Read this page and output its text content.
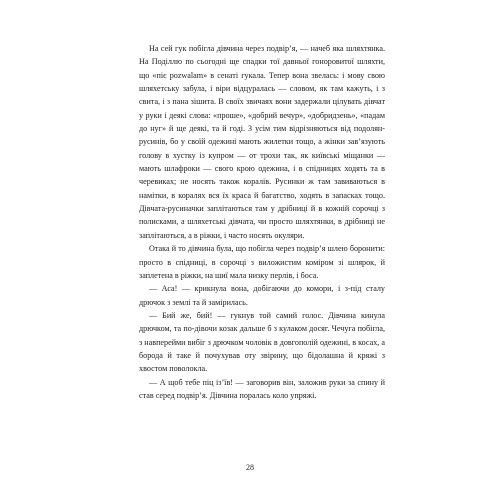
На сей гук побігла дівчина через подвір’я, — начеб яка шляхтянка. На Поділлю по сьогодні ще спадки тої давньої гоноровитої шляхти, що «піє pozwalam» в сенаті гукала. Тепер вона звелась: і мову свою шляхетську забула, і віри відцуралась — словом, як там кажуть, і з свита, і з пана зішита. В своїх звичаях вони задержали цілувать дівчат у руки і деякі слова: «проше», «добрий вечур», «добридзень», «падам до нуг» й ще деякі, та й годі. З усім тим відрізняються від подолян-русинів, бо у своїй одежині мають жилетки тощо, а жінки зав’язують голову в хустку із купром — от трохи так, як київські міщанки — мають шлафроки — свого крою одежина, і в спідницях ходять та в черевиках; не носять також коралів. Русинки ж там завиваються в намітки, в коралях вся їх краса й багатство, ходять в запасках тощо. Дівчата-русиначки заплітаються там у дрібниці й в кожній сорочці з полисками, а шляхетські дівчата, чи просто шляхтянки, в дрібниці не заплітаються, а в ріжки, і часто носять окуляри.

Отака й то дівчина була, що побігла через подвір’я шлею боронити: просто в спідниці, в сорочці з виложистим коміром зі шлярок, й заплетена в ріжки, на шиї мала низку перлів, і боса.

— Аса! — крикнула вона, добігаючи до комори, і з-під сталу дрючок з землі та й замірилась.

— Бий же, бий! — гукнув той самий голос. Дівчина кинула дрючком, та по-дівочи козак дальше б з кулаком досяг. Чечуга побігла, з навперейми вибіг з дрючком чоловік в довгополій одежині, в косах, а борода й таке й почухував оту звірину, що бідолашна й кряжі з хвостом поволокла.

— А щоб тебе піц із’їв! — заговорив він, заложив руки за спину й став серед подвір’я. Дівчина поралась коло упряжі.

28
